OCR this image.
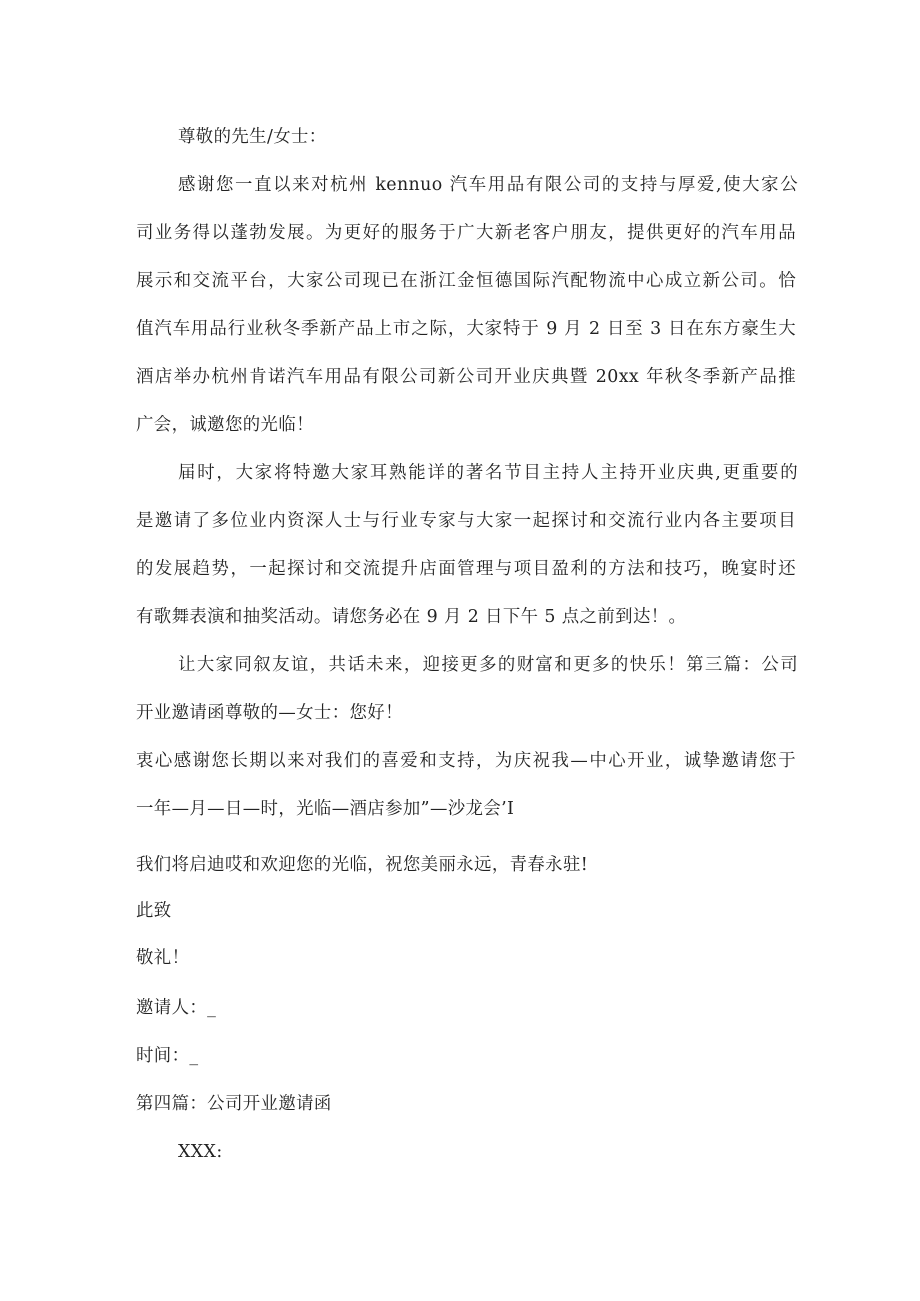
尊敬的先生/女士：
感谢您一直以来对杭州 kennuo 汽车用品有限公司的支持与厚爱,使大家公
司业务得以蓬勃发展。为更好的服务于广大新老客户朋友，提供更好的汽车用品
展示和交流平台，大家公司现已在浙江金恒德国际汽配物流中心成立新公司。恰
值汽车用品行业秋冬季新产品上市之际，大家特于 9 月 2 日至 3 日在东方豪生大
酒店举办杭州肯诺汽车用品有限公司新公司开业庆典暨 20xx 年秋冬季新产品推
广会，诚邀您的光临！
届时，大家将特邀大家耳熟能详的著名节目主持人主持开业庆典,更重要的
是邀请了多位业内资深人士与行业专家与大家一起探讨和交流行业内各主要项目
的发展趋势，一起探讨和交流提升店面管理与项目盈利的方法和技巧，晚宴时还
有歌舞表演和抽奖活动。请您务必在 9 月 2 日下午 5 点之前到达！。
让大家同叙友谊，共话未来，迎接更多的财富和更多的快乐！第三篇：公司
开业邀请函尊敬的—女士：您好！
衷心感谢您长期以来对我们的喜爱和支持，为庆祝我—中心开业，诚挚邀请您于
一年—月—日—时，光临—酒店参加”—沙龙会’I
我们将启迪哎和欢迎您的光临，祝您美丽永远，青春永驻!
此致
敬礼！
邀请人：_
时间：_
第四篇：公司开业邀请函
XXX:
